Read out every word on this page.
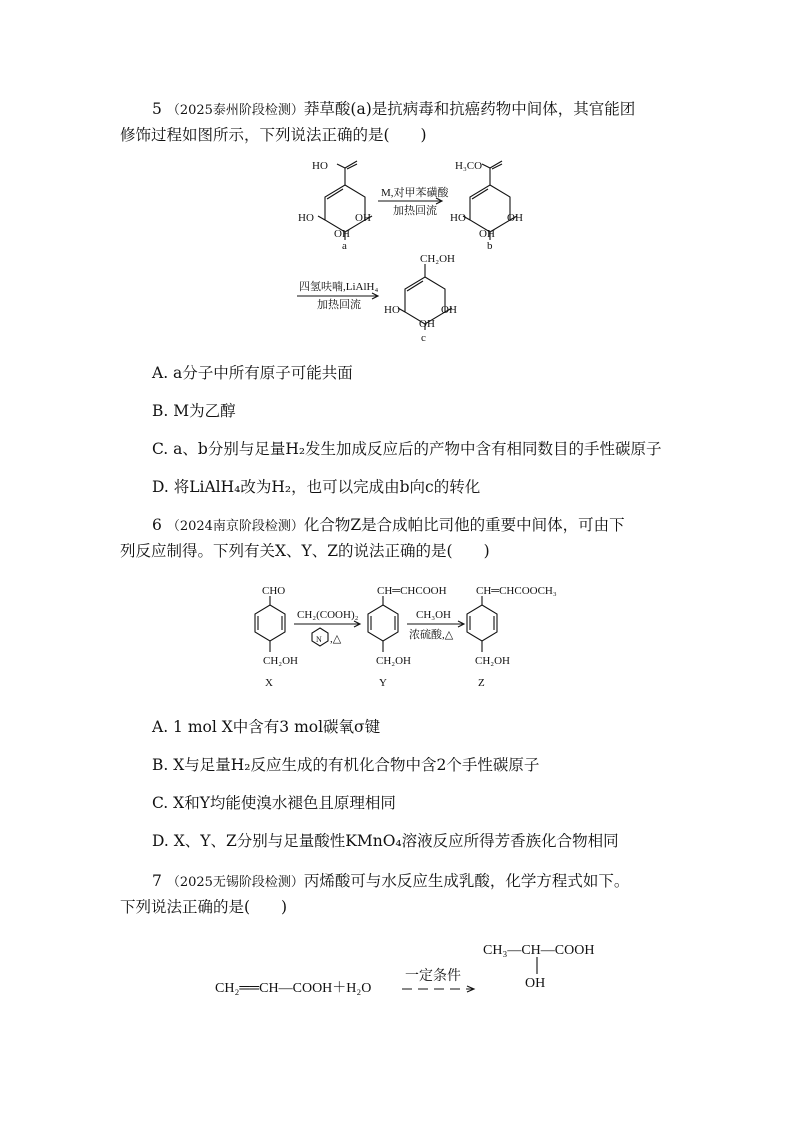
5 （2025泰州阶段检测）莽草酸(a)是抗病毒和抗癌药物中间体，其官能团
修饰过程如图所示，下列说法正确的是(　　)
HO
HO	OH
OH
a
M,对甲苯磺酸
加热回流
H₃CO
HO	OH
OH
b
四氢呋喃,LiAlH₄
加热回流
CH₂OH
HO	OH
OH
c
A. a分子中所有原子可能共面
B. M为乙醇
C. a、b分别与足量H₂发生加成反应后的产物中含有相同数目的手性碳原子
D. 将LiAlH₄改为H₂，也可以完成由b向c的转化
6 （2024南京阶段检测）化合物Z是合成帕比司他的重要中间体，可由下
列反应制得。下列有关X、Y、Z的说法正确的是(　　)
CHO
CH₂OH
X
CH₂(COOH)₂
N ,△
CH═CHCOOH
CH₂OH
Y
CH₃OH
浓硫酸,△
CH═CHCOOCH₃
CH₂OH
Z
A. 1 mol X中含有3 mol碳氧σ键
B. X与足量H₂反应生成的有机化合物中含2个手性碳原子
C. X和Y均能使溴水褪色且原理相同
D. X、Y、Z分别与足量酸性KMnO₄溶液反应所得芳香族化合物相同
7 （2025无锡阶段检测）丙烯酸可与水反应生成乳酸，化学方程式如下。
下列说法正确的是(　　)
CH₃—CH—COOH
OH
CH₂══CH—COOH＋H₂O
一定条件
